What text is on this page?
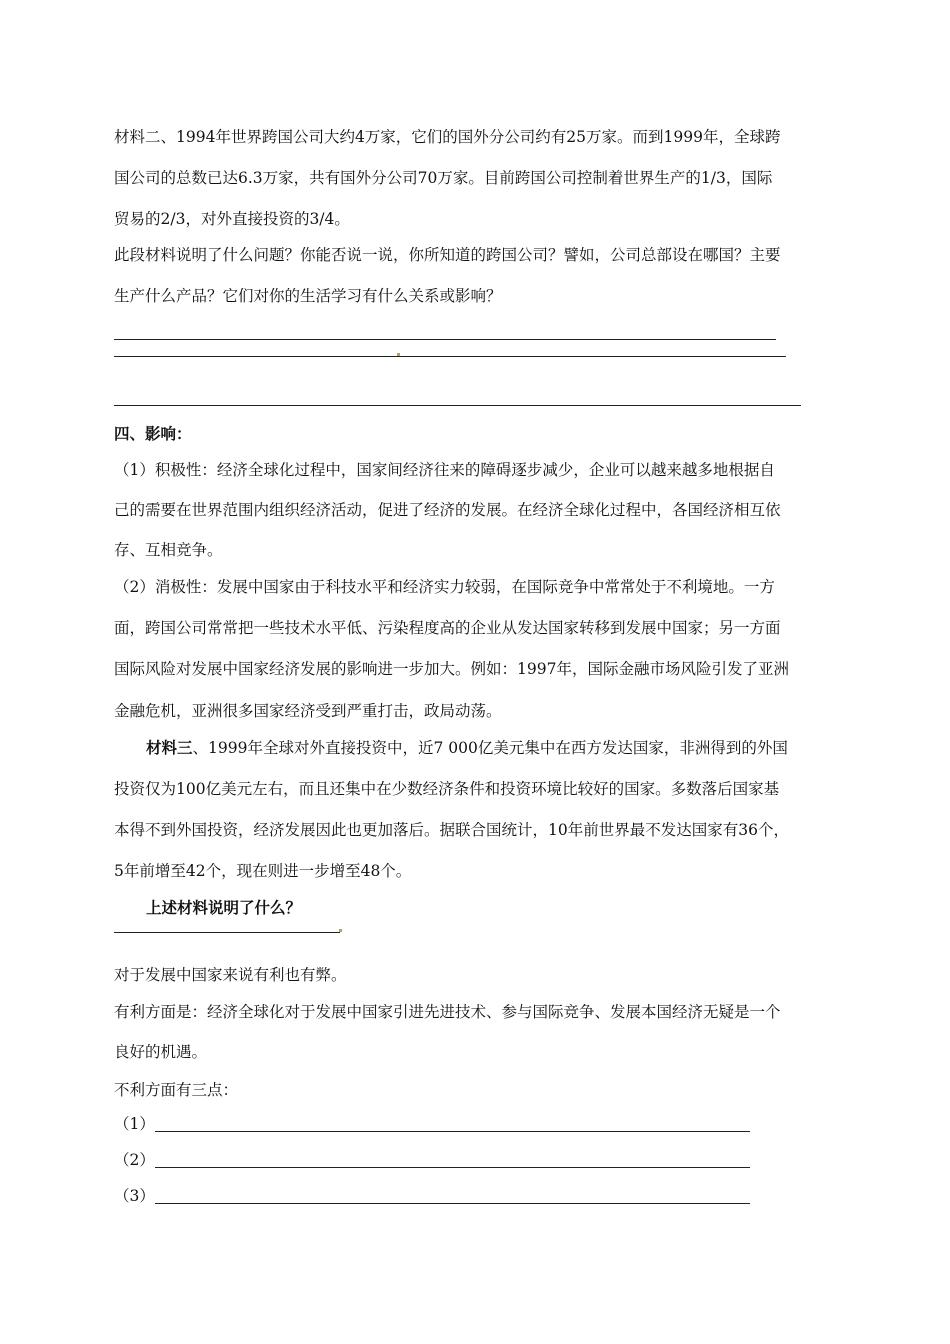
材料二、1994年世界跨国公司大约4万家，它们的国外分公司约有25万家。而到1999年，全球跨
国公司的总数已达6.3万家，共有国外分公司70万家。目前跨国公司控制着世界生产的1/3，国际
贸易的2/3，对外直接投资的3/4。
此段材料说明了什么问题？你能否说一说，你所知道的跨国公司？譬如，公司总部设在哪国？主要
生产什么产品？它们对你的生活学习有什么关系或影响？
四、影响：
（1）积极性：经济全球化过程中，国家间经济往来的障碍逐步减少，企业可以越来越多地根据自
己的需要在世界范围内组织经济活动，促进了经济的发展。在经济全球化过程中，各国经济相互依
存、互相竞争。
（2）消极性：发展中国家由于科技水平和经济实力较弱，在国际竞争中常常处于不利境地。一方
面，跨国公司常常把一些技术水平低、污染程度高的企业从发达国家转移到发展中国家；另一方面
国际风险对发展中国家经济发展的影响进一步加大。例如：1997年，国际金融市场风险引发了亚洲
金融危机，亚洲很多国家经济受到严重打击，政局动荡。
材料三、1999年全球对外直接投资中，近7 000亿美元集中在西方发达国家，非洲得到的外国
投资仅为100亿美元左右，而且还集中在少数经济条件和投资环境比较好的国家。多数落后国家基
本得不到外国投资，经济发展因此也更加落后。据联合国统计，10年前世界最不发达国家有36个，
5年前增至42个，现在则进一步增至48个。
上述材料说明了什么？
对于发展中国家来说有利也有弊。
有利方面是：经济全球化对于发展中国家引进先进技术、参与国际竞争、发展本国经济无疑是一个
良好的机遇。
不利方面有三点：
（1）
（2）
（3）
